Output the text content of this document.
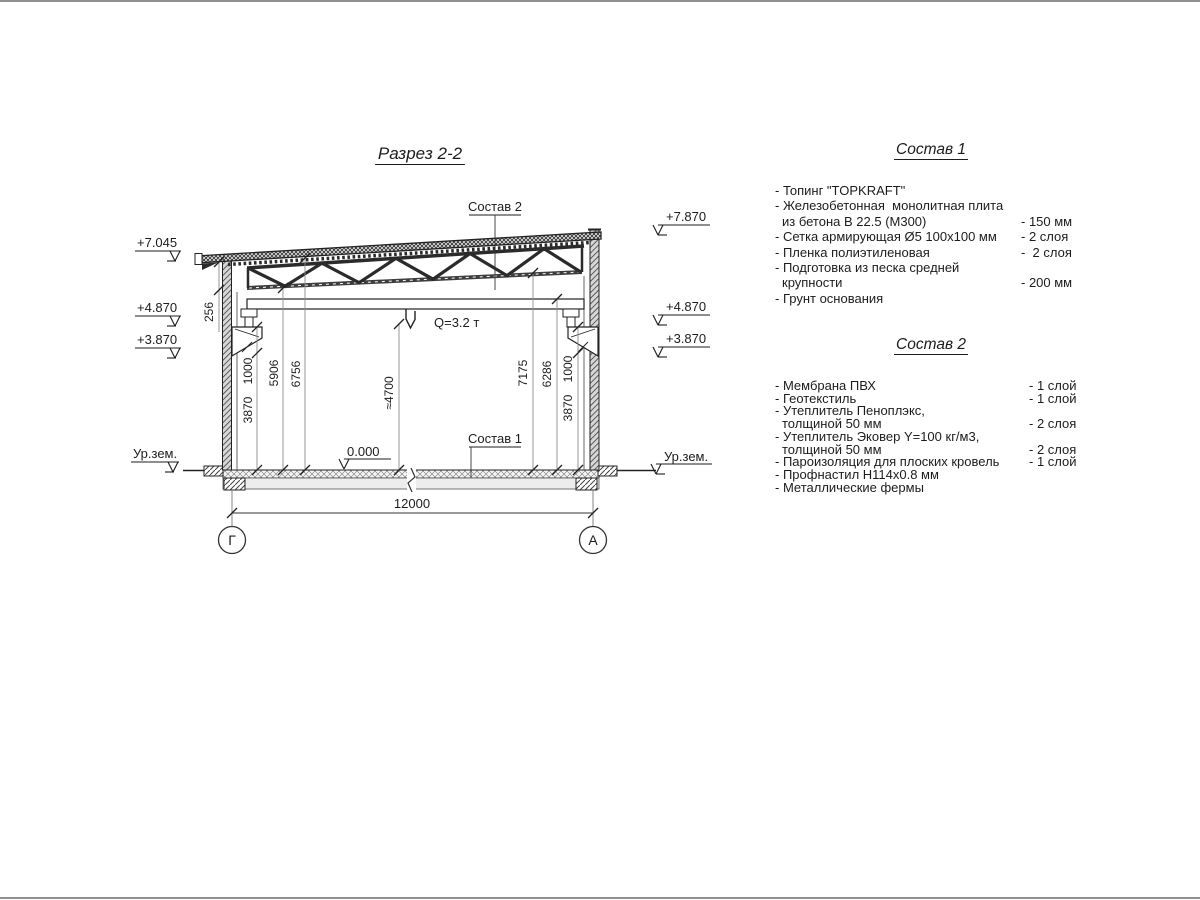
Q=3.2 т
256
1000
3870
5906 6756
≈4700
7175 6286 1000
3870
+7.045
+4.870
+3.870
Ур.зем.
+7.870
+4.870
+3.870
Ур.зем.
Состав 2
Состав 1
0.000
12000
Г	А
Разрез 2-2	Состав 1
- Топинг "TOPKRAFT"
- Железобетонная  монолитная плита
из бетона В 22.5 (М300)	- 150 мм
- Сетка армирующая Ø5 100x100 мм - 2 слоя
- Пленка полиэтиленовая	-  2 слоя
- Подготовка из песка средней
крупности	- 200 мм
- Грунт основания
Состав 2
- Мембрана ПВХ	- 1 слой
- Геотекстиль	- 1 слой
- Утеплитель Пеноплэкс,
толщиной 50 мм	- 2 слоя
- Утеплитель Эковер Y=100 кг/м3,
толщиной 50 мм	- 2 слоя
- Пароизоляция для плоских кровель - 1 слой
- Профнастил Н114х0.8 мм
- Металлические фермы
